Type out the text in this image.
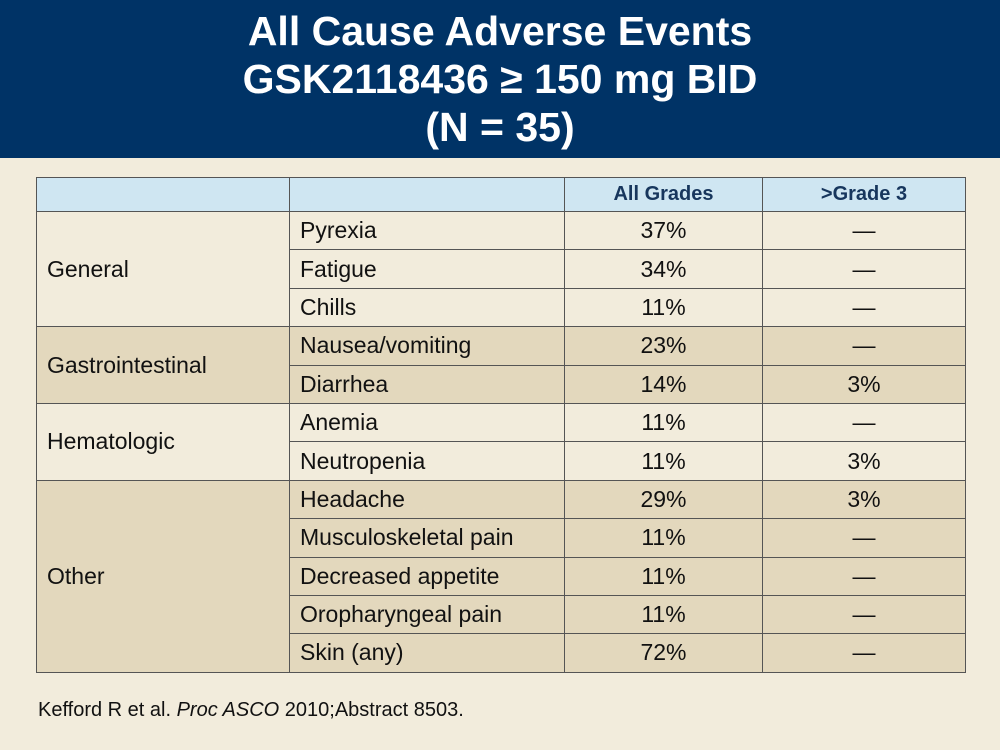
All Cause Adverse Events
GSK2118436 ≥ 150 mg BID
(N = 35)
		All Grades	>Grade 3
General	Pyrexia	37%	—
	Fatigue	34%	—
	Chills	11%	—
Gastrointestinal	Nausea/vomiting	23%	—
	Diarrhea	14%	3%
Hematologic	Anemia	11%	—
	Neutropenia	11%	3%
Other	Headache	29%	3%
	Musculoskeletal pain	11%	—
	Decreased appetite	11%	—
	Oropharyngeal pain	11%	—
	Skin (any)	72%	—
Kefford R et al. Proc ASCO 2010;Abstract 8503.
